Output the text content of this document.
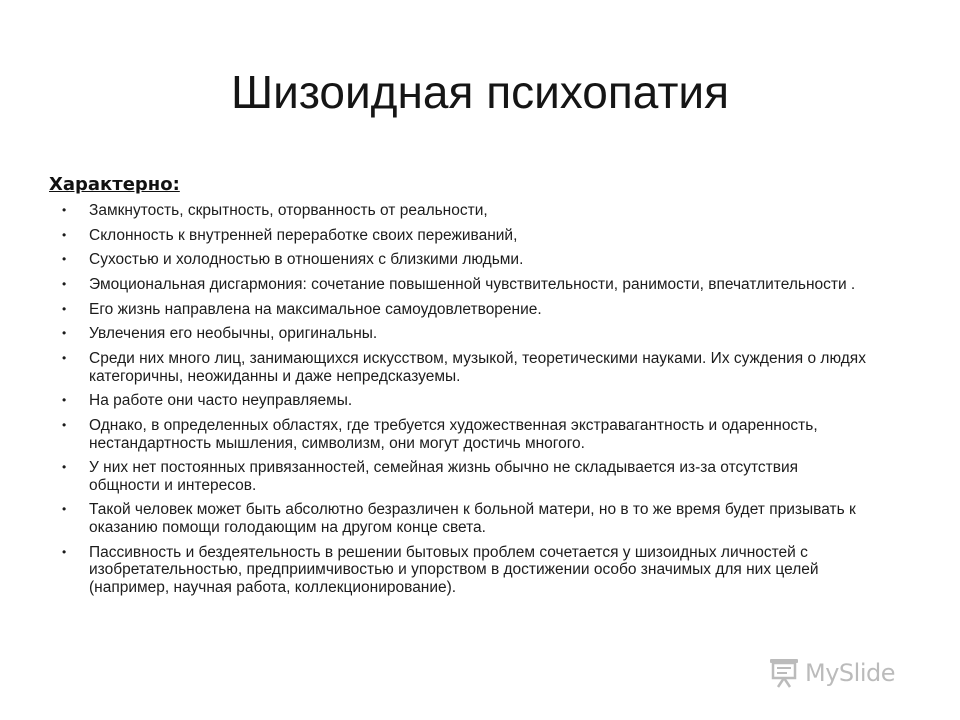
Шизоидная психопатия
Характерно:
• Замкнутость, скрытность, оторванность от реальности,
• Склонность к внутренней переработке своих переживаний,
• Сухостью и холодностью в отношениях с близкими людьми.
• Эмоциональная дисгармония: сочетание повышенной чувствительности, ранимости, впечатлительности .
• Его жизнь направлена на максимальное самоудовлетворение.
• Увлечения его необычны, оригинальны.
• Среди них много лиц, занимающихся искусством, музыкой, теоретическими науками. Их суждения о людях категоричны, неожиданны и даже непредсказуемы.
• На работе они часто неуправляемы.
• Однако, в определенных областях, где требуется художественная экстравагантность и одаренность, нестандартность мышления, символизм, они могут достичь многого.
• У них нет постоянных привязанностей, семейная жизнь обычно не складывается из-за отсутствия общности и интересов.
• Такой человек может быть абсолютно безразличен к больной матери, но в то же время будет призывать к оказанию помощи голодающим на другом конце света.
• Пассивность и бездеятельность в решении бытовых проблем сочетается у шизоидных личностей с изобретательностью, предприимчивостью и упорством в достижении особо значимых для них целей (например, научная работа, коллекционирование).
MySlide
